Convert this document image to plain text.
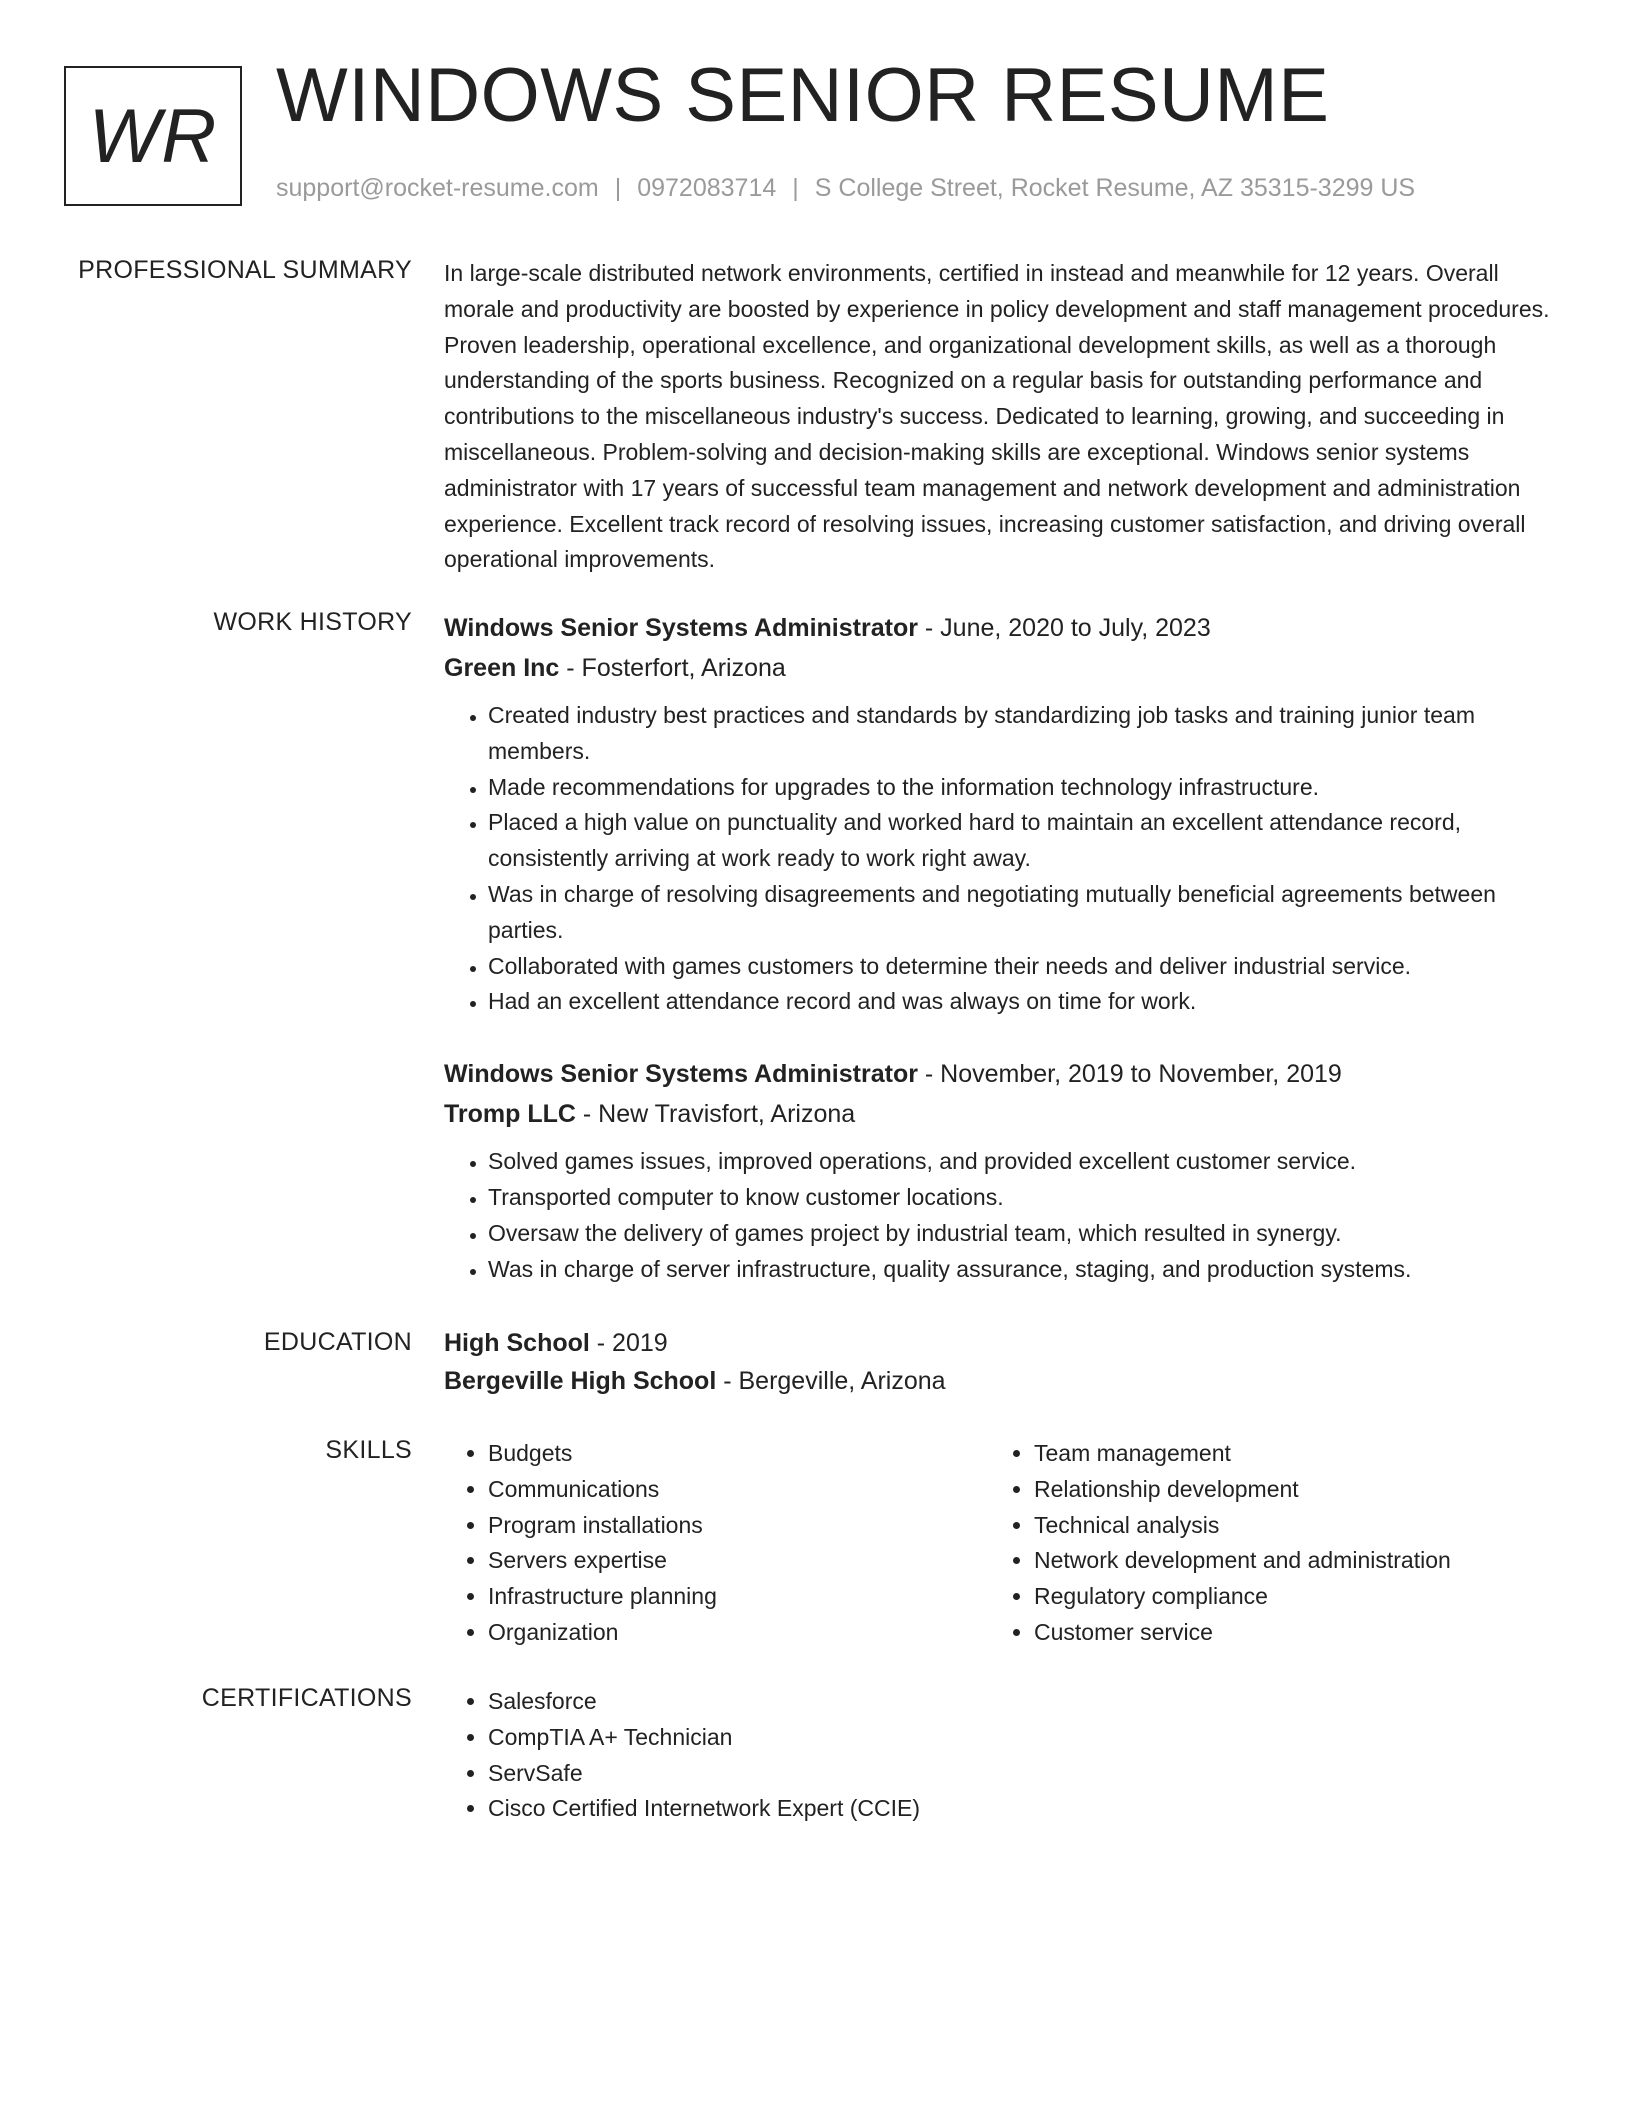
WR WINDOWS SENIOR RESUME
support@rocket-resume.com | 0972083714 | S College Street, Rocket Resume, AZ 35315-3299 US
PROFESSIONAL SUMMARY In large-scale distributed network environments, certified in instead and meanwhile for 12 years. Overall morale and productivity are boosted by experience in policy development and staff management procedures. Proven leadership, operational excellence, and organizational development skills, as well as a thorough understanding of the sports business. Recognized on a regular basis for outstanding performance and contributions to the miscellaneous industry's success. Dedicated to learning, growing, and succeeding in miscellaneous. Problem-solving and decision-making skills are exceptional. Windows senior systems administrator with 17 years of successful team management and network development and administration experience. Excellent track record of resolving issues, increasing customer satisfaction, and driving overall operational improvements.

WORK HISTORY Windows Senior Systems Administrator - June, 2020 to July, 2023
Green Inc - Fosterfort, Arizona
• Created industry best practices and standards by standardizing job tasks and training junior team members.
• Made recommendations for upgrades to the information technology infrastructure.
• Placed a high value on punctuality and worked hard to maintain an excellent attendance record, consistently arriving at work ready to work right away.
• Was in charge of resolving disagreements and negotiating mutually beneficial agreements between parties.
• Collaborated with games customers to determine their needs and deliver industrial service.
• Had an excellent attendance record and was always on time for work.
Windows Senior Systems Administrator - November, 2019 to November, 2019
Tromp LLC - New Travisfort, Arizona
• Solved games issues, improved operations, and provided excellent customer service.
• Transported computer to know customer locations.
• Oversaw the delivery of games project by industrial team, which resulted in synergy.
• Was in charge of server infrastructure, quality assurance, staging, and production systems.
EDUCATION High School - 2019
Bergeville High School - Bergeville, Arizona
SKILLS	• Budgets
• Communications
• Program installations
• Servers expertise
• Infrastructure planning
• Organization
• Team management
• Relationship development
• Technical analysis
• Network development and administration
• Regulatory compliance
• Customer service
CERTIFICATIONS	• Salesforce
• CompTIA A+ Technician
• ServSafe
• Cisco Certified Internetwork Expert (CCIE)
